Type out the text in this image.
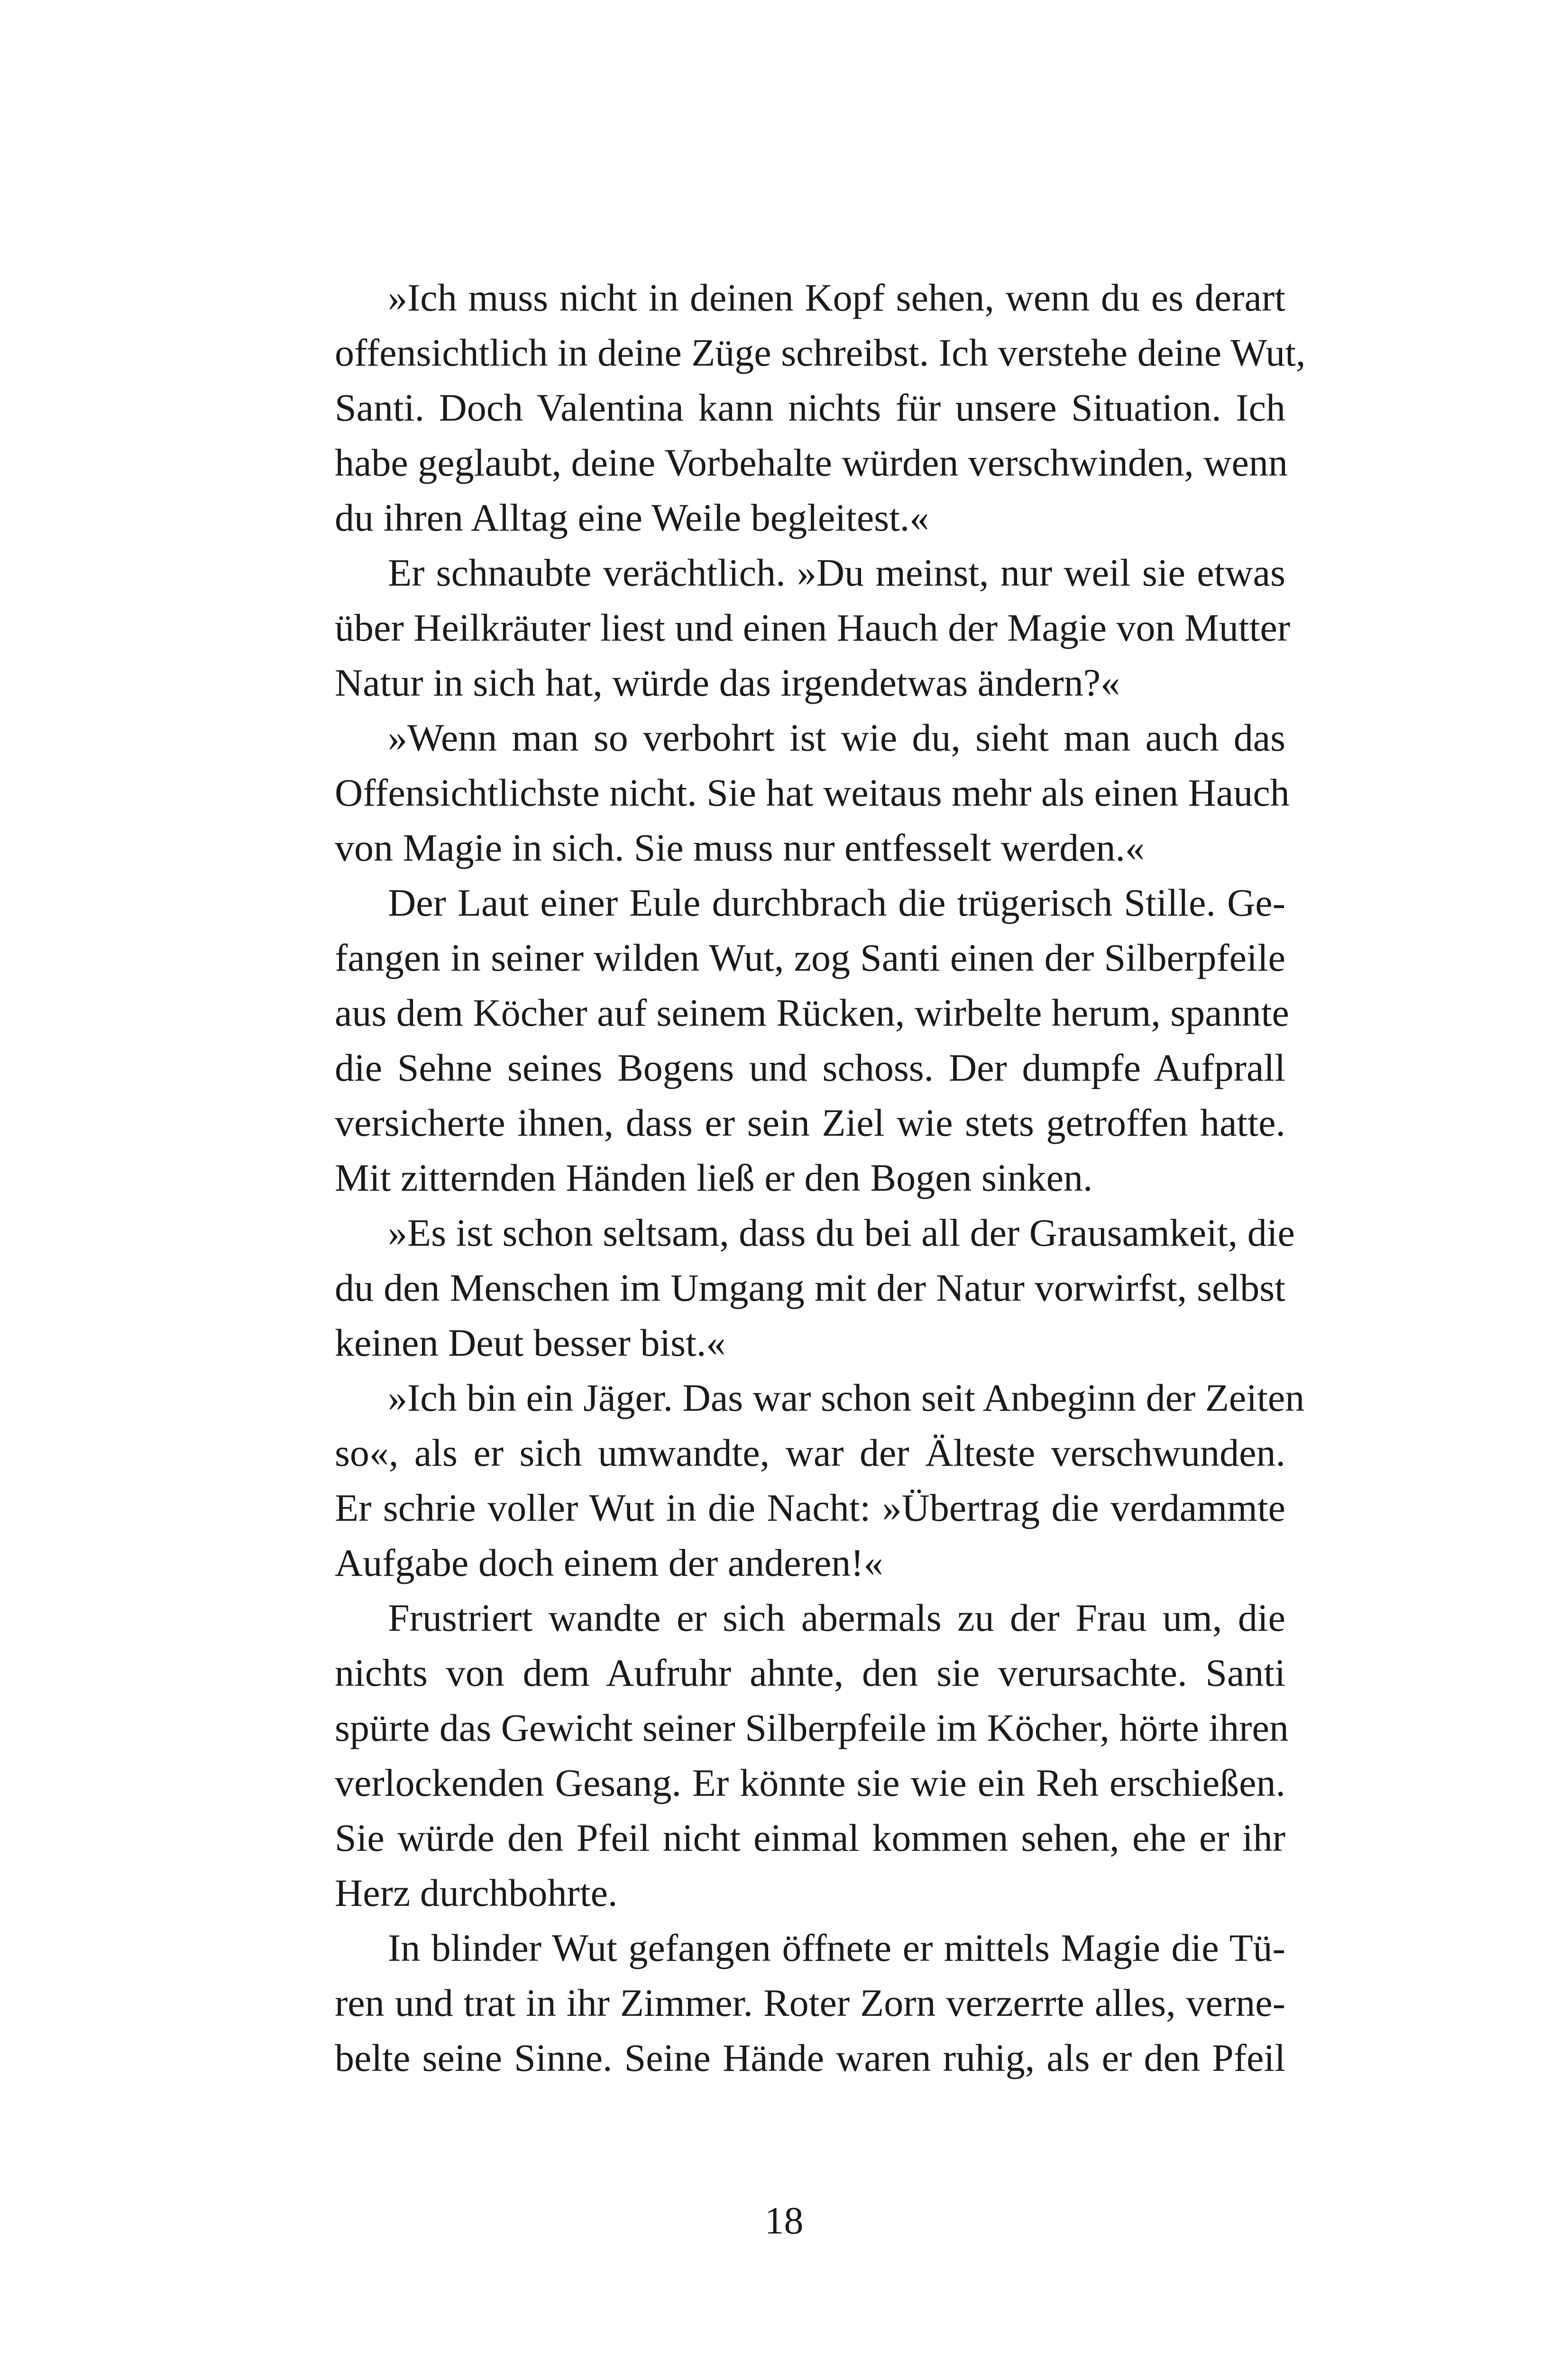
»Ich muss nicht in deinen Kopf sehen, wenn du es derart
offensichtlich in deine Züge schreibst. Ich verstehe deine Wut,
Santi. Doch Valentina kann nichts für unsere Situation. Ich
habe geglaubt, deine Vorbehalte würden verschwinden, wenn
du ihren Alltag eine Weile begleitest.«
Er schnaubte verächtlich. »Du meinst, nur weil sie etwas
über Heilkräuter liest und einen Hauch der Magie von Mutter
Natur in sich hat, würde das irgendetwas ändern?«
»Wenn man so verbohrt ist wie du, sieht man auch das
Offensichtlichste nicht. Sie hat weitaus mehr als einen Hauch
von Magie in sich. Sie muss nur entfesselt werden.«
Der Laut einer Eule durchbrach die trügerisch Stille. Ge-
fangen in seiner wilden Wut, zog Santi einen der Silberpfeile
aus dem Köcher auf seinem Rücken, wirbelte herum, spannte
die Sehne seines Bogens und schoss. Der dumpfe Aufprall
versicherte ihnen, dass er sein Ziel wie stets getroffen hatte.
Mit zitternden Händen ließ er den Bogen sinken.
»Es ist schon seltsam, dass du bei all der Grausamkeit, die
du den Menschen im Umgang mit der Natur vorwirfst, selbst
keinen Deut besser bist.«
»Ich bin ein Jäger. Das war schon seit Anbeginn der Zeiten
so«, als er sich umwandte, war der Älteste verschwunden.
Er schrie voller Wut in die Nacht: »Übertrag die verdammte
Aufgabe doch einem der anderen!«
Frustriert wandte er sich abermals zu der Frau um, die
nichts von dem Aufruhr ahnte, den sie verursachte. Santi
spürte das Gewicht seiner Silberpfeile im Köcher, hörte ihren
verlockenden Gesang. Er könnte sie wie ein Reh erschießen.
Sie würde den Pfeil nicht einmal kommen sehen, ehe er ihr
Herz durchbohrte.
In blinder Wut gefangen öffnete er mittels Magie die Tü-
ren und trat in ihr Zimmer. Roter Zorn verzerrte alles, verne-
belte seine Sinne. Seine Hände waren ruhig, als er den Pfeil
18
